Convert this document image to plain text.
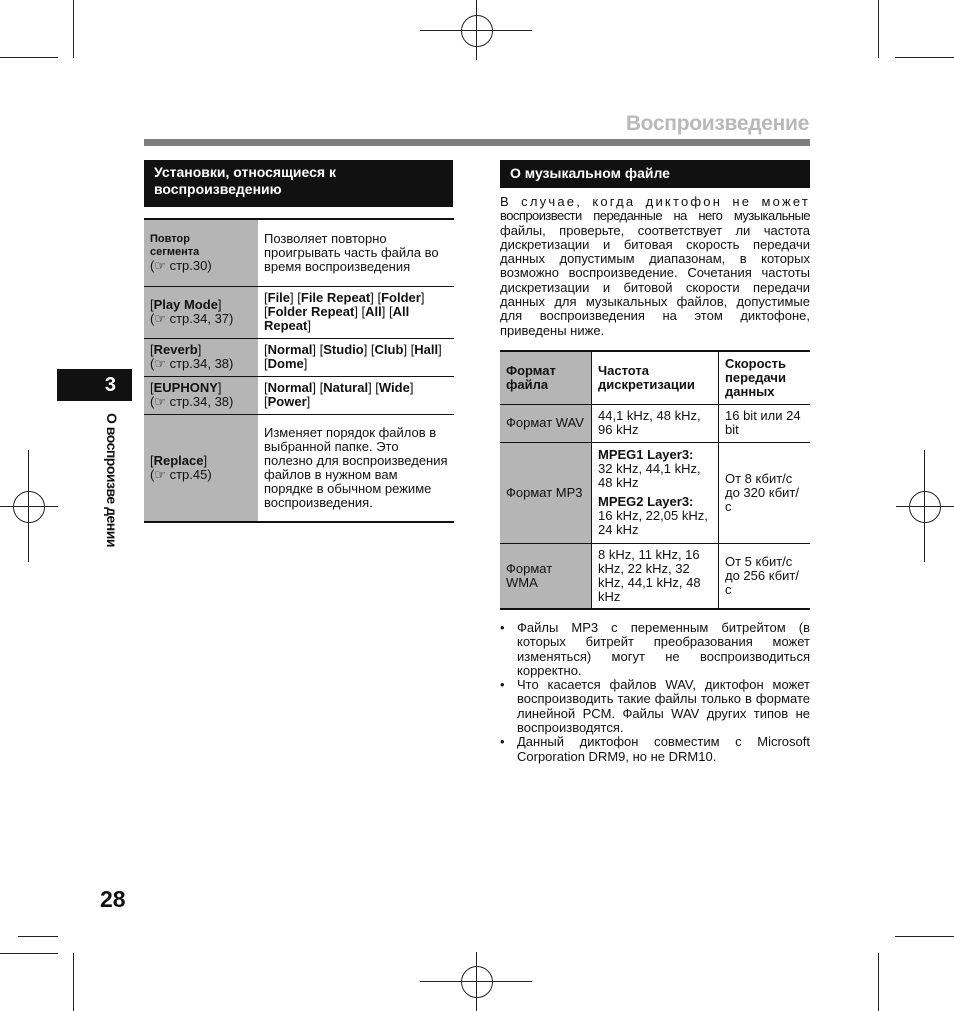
Воспроизведение
Установки, относящиеся к
воспроизведению
Повтор
сегмента
(☞ стр.30)	Позволяет повторно проигрывать часть файла во время воспроизведения
[Play Mode]
(☞ стр.34, 37)	[File] [File Repeat] [Folder] [Folder Repeat] [All] [All Repeat]
[Reverb]
(☞ стр.34, 38)	[Normal] [Studio] [Club] [Hall] [Dome]
[EUPHONY]
(☞ стр.34, 38)	[Normal] [Natural] [Wide] [Power]
[Replace]
(☞ стр.45)	Изменяет порядок файлов в выбранной папке. Это полезно для воспроизведения файлов в нужном вам порядке в обычном режиме воспроизведения.
О музыкальном файле
В случае, когда диктофон не может воспроизвести переданные на него музыкальные файлы, проверьте, соответствует ли частота дискретизации и битовая скорость передачи данных допустимым диапазонам, в которых возможно воспроизведение. Сочетания частоты дискретизации и битовой скорости передачи данных для музыкальных файлов, допустимые для воспроизведения на этом диктофоне, приведены ниже.
Формат файла	Частота дискретизации	Скорость передачи данных
Формат WAV	44,1 kHz, 48 kHz, 96 kHz	16 bit или 24 bit
Формат MP3	MPEG1 Layer3:
32 kHz, 44,1 kHz, 48 kHz

MPEG2 Layer3:
16 kHz, 22,05 kHz, 24 kHz	От 8 кбит/с до 320 кбит/с
Формат WMA	8 kHz, 11 kHz, 16 kHz, 22 kHz, 32 kHz, 44,1 kHz, 48 kHz	От 5 кбит/с до 256 кбит/с
• Файлы MP3 с переменным битрейтом (в которых битрейт преобразования может изменяться) могут не воспроизводиться корректно.
• Что касается файлов WAV, диктофон может воспроизводить такие файлы только в формате линейной PCM. Файлы WAV других типов не воспроизводятся.
• Данный диктофон совместим с Microsoft Corporation DRM9, но не DRM10.
3
О воспроизве дении
28
